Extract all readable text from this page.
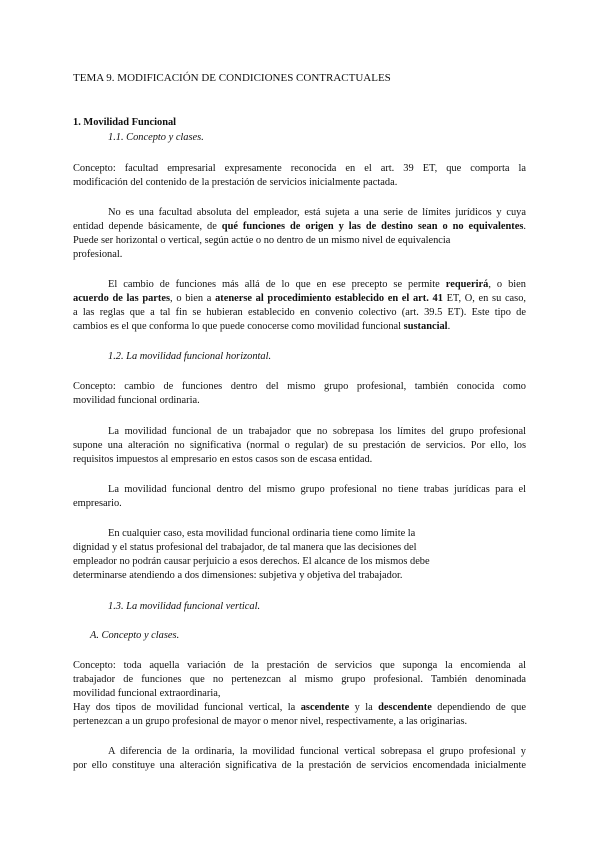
TEMA 9. MODIFICACIÓN DE CONDICIONES CONTRACTUALES
1. Movilidad Funcional
1.1. Concepto y clases.
Concepto: facultad empresarial expresamente reconocida en el art. 39 ET, que comporta la
modificación del contenido de la prestación de servicios inicialmente pactada.
No es una facultad absoluta del empleador, está sujeta a una serie de límites jurídicos y cuya
entidad depende básicamente, de qué funciones de origen y las de destino sean o no equivalentes.
Puede ser horizontal o vertical, según actúe o no dentro de un mismo nivel de equivalencia
profesional.
El cambio de funciones más allá de lo que en ese precepto se permite requerirá, o bien
acuerdo de las partes, o bien a atenerse al procedimiento establecido en el art. 41 ET, O, en su caso,
a las reglas que a tal fin se hubieran establecido en convenio colectivo (art. 39.5 ET). Este tipo de
cambios es el que conforma lo que puede conocerse como movilidad funcional sustancial.
1.2. La movilidad funcional horizontal.
Concepto: cambio de funciones dentro del mismo grupo profesional, también conocida como
movilidad funcional ordinaria.
La movilidad funcional de un trabajador que no sobrepasa los límites del grupo profesional
supone una alteración no significativa (normal o regular) de su prestación de servicios. Por ello, los
requisitos impuestos al empresario en estos casos son de escasa entidad.
La movilidad funcional dentro del mismo grupo profesional no tiene trabas jurídicas para el
empresario.
En cualquier caso, esta movilidad funcional ordinaria tiene como límite la
dignidad y el status profesional del trabajador, de tal manera que las decisiones del
empleador no podrán causar perjuicio a esos derechos. El alcance de los mismos debe
determinarse atendiendo a dos dimensiones: subjetiva y objetiva del trabajador.
1.3. La movilidad funcional vertical.
A. Concepto y clases.
Concepto: toda aquella variación de la prestación de servicios que suponga la encomienda al
trabajador de funciones que no pertenezcan al mismo grupo profesional. También denominada
movilidad funcional extraordinaria,
Hay dos tipos de movilidad funcional vertical, la ascendente y la descendente dependiendo de que
pertenezcan a un grupo profesional de mayor o menor nivel, respectivamente, a las originarias.
A diferencia de la ordinaria, la movilidad funcional vertical sobrepasa el grupo profesional y
por ello constituye una alteración significativa de la prestación de servicios encomendada inicialmente
